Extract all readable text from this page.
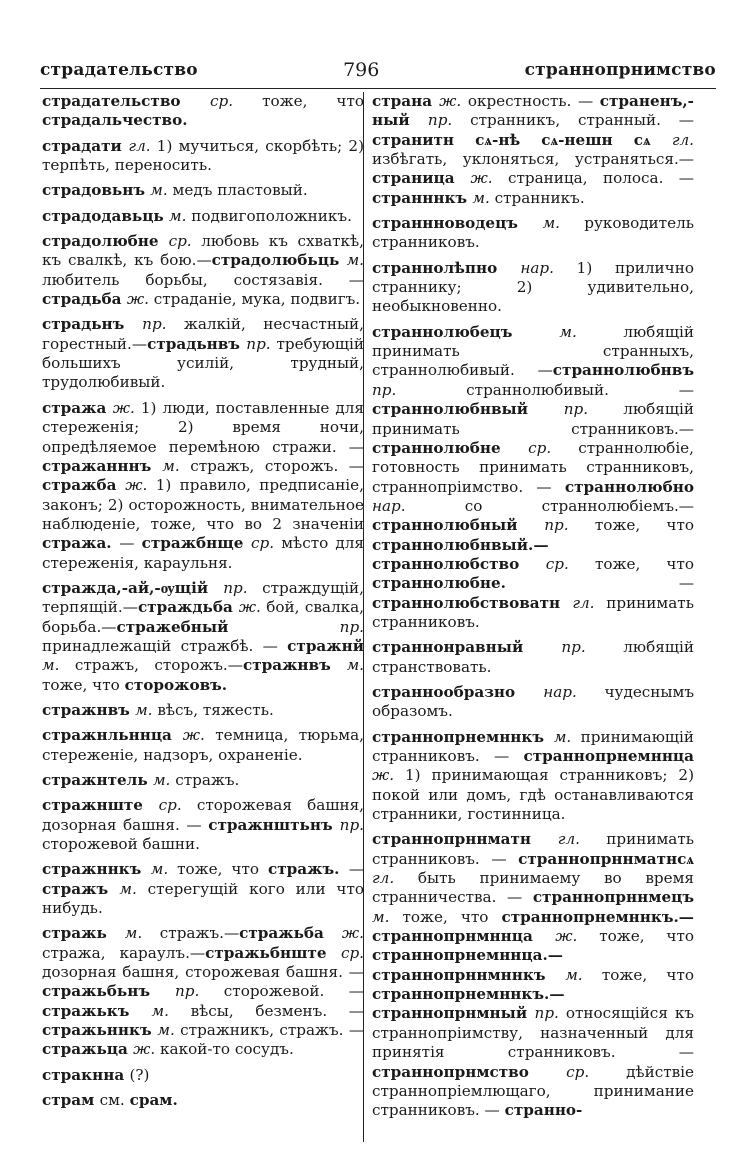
страдательство	796	страннопрнимство

страдательство ср. тоже, что страдальчество.

страдати гл. 1) мучиться, скорбѣть; 2) терпѣть, переносить.

страдовьнъ м. медъ пластовый.

страдодавьць м. подвигоположникъ.

страдолюбне ср. любовь къ схваткѣ, къ свалкѣ, къ бою.—страдолюбьць м. любитель борьбы, состязавія. — страдьба ж. страданіе, мука, подвигъ.

страдьнъ пр. жалкій, несчастный, горестный.—страдьнвъ пр. требующій большихъ усилій, трудный, трудолюбивый.

стража ж. 1) люди, поставленные для стереженія; 2) время ночи, опредѣляемое перемѣною стражи. — стражанннъ м. стражъ, сторожъ. — стражба ж. 1) правило, предписаніе, законъ; 2) осторожность, внимательное наблюденіе, тоже, что во 2 значеніи стража. — стражбнще ср. мѣсто для стереженія, караульня.

стражда,-ай,-ѹщій пр. страждущій, терпящій.—страждьба ж. бой, свалка, борьба.—стражебный пр. принадлежащій стражбѣ. — стражнй м. стражъ, сторожъ.—стражнвъ м. тоже, что сторожовъ.

стражнвъ м. вѣсъ, тяжесть.

стражнльннца ж. темница, тюрьма, стереженіе, надзоръ, охраненіе.

стражнтель м. стражъ.

стражнште ср. сторожевая башня, дозорная башня. — стражнштьнъ пр. сторожевой башни.

стражннкъ м. тоже, что стражъ. — стражъ м. стерегущій кого или что нибудь.

стражь м. стражъ.—стражьба ж. стража, караулъ.—стражьбнште ср. дозорная башня, сторожевая башня. — стражьбьнъ пр. сторожевой. — стражькъ м. вѣсы, безменъ. — стражьннкъ м. стражникъ, стражъ. —стражьца ж. какой-то сосудъ.

стракнна (?)

страм см. срам.

страна ж. окрестность. — страненъ,-ный пр. странникъ, странный. — странитн сѧ-нѣ сѧ-нешн сѧ гл. избѣгать, уклоняться, устраняться.— страница ж. страница, полоса. — странннкъ м. странникъ.

страннноводецъ м. руководитель странниковъ.

страннолѣпно нар. 1) прилично страннику; 2) удивительно, необыкновенно.

страннолюбецъ м. любящій принимать странныхъ, страннолюбивый. —страннолюбнвъ пр. страннолюбивый. — страннолюбнвый пр. любящій принимать странниковъ.—страннолюбне ср. страннолюбіе, готовность принимать странниковъ, страннопріимство. — страннолюбно нар. со страннолюбіемъ.—страннолюбный пр. тоже, что страннолюбнвый.—страннолюбство ср. тоже, что страннолюбне. — страннолюбствоватн гл. принимать странниковъ.

страннонравный пр. любящій странствовать.

страннообразно нар. чудеснымъ образомъ.

страннопрнемннкъ м. принимающій странниковъ. — страннопрнемннца ж. 1) принимающая странниковъ; 2) покой или домъ, гдѣ останавливаются странники, гостинница.

страннопрннматн гл. принимать странниковъ. — страннопрннматнсѧ гл. быть принимаему во время странничества. — страннопрннмецъ м. тоже, что страннопрнемннкъ.—страннопрнмннца ж. тоже, что страннопрнемннца.—страннопрннмннкъ м. тоже, что страннопрнемннкъ.—страннопрнмный пр. относящійся къ страннопріимству, назначенный для принятія странниковъ. — страннопрнмство ср. дѣйствіе страннопріемлющаго, принимание странниковъ. — странно-
